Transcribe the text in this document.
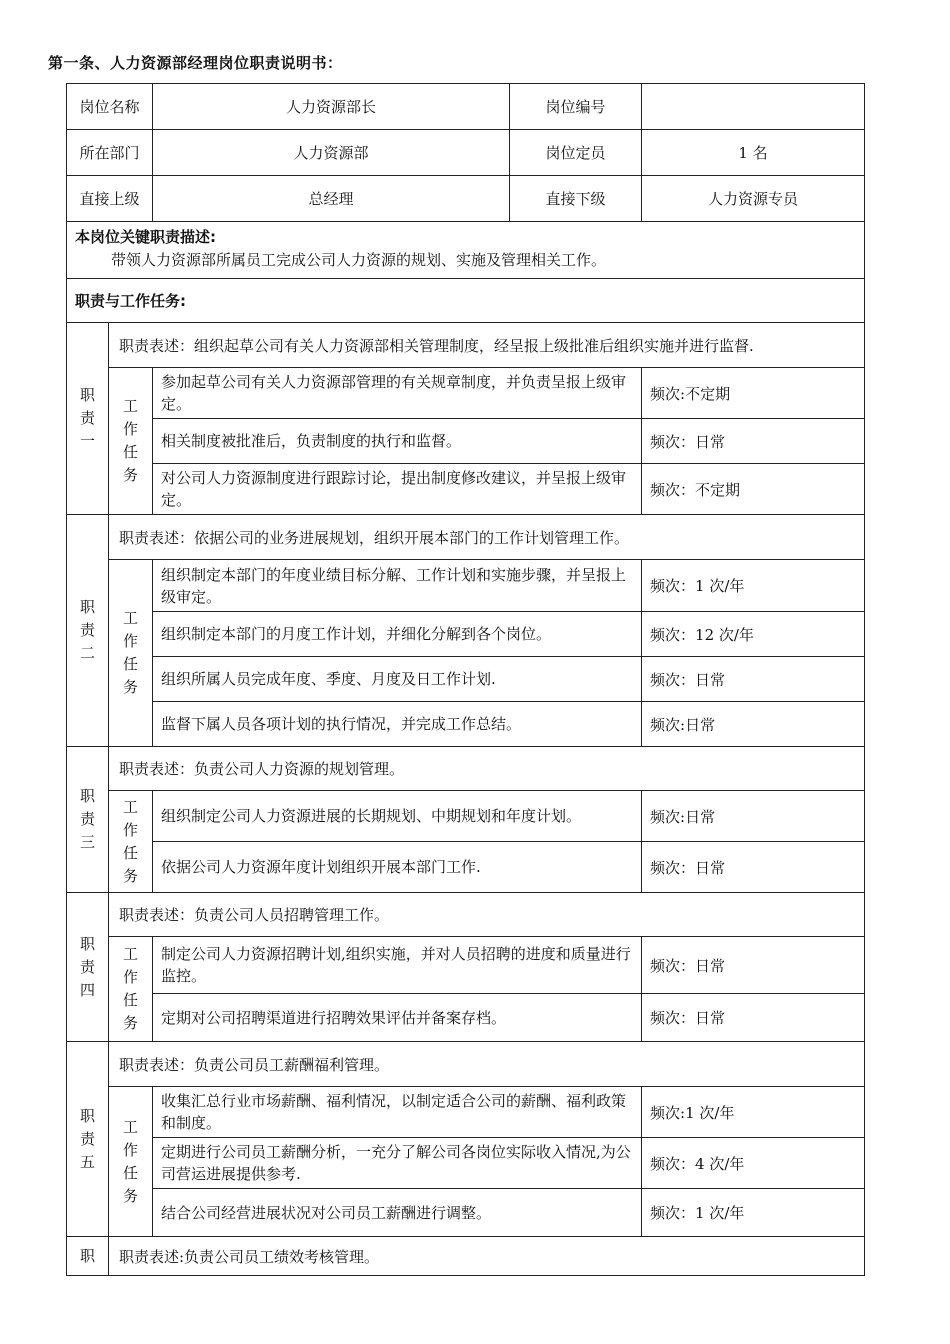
第一条、人力资源部经理岗位职责说明书：
岗位名称		人力资源部长	岗位编号	
所在部门		人力资源部	岗位定员	1 名
直接上级		总经理	直接下级	人力资源专员

本岗位关键职责描述:
带领人力资源部所属员工完成公司人力资源的规划、实施及管理相关工作。				

职责与工作任务:				

职
责
一	职责表述：组织起草公司有关人力资源部相关管理制度，经呈报上级批准后组织实施并进行监督.			

	工
作
任
务	参加起草公司有关人力资源部管理的有关规章制度，并负责呈报上级审定。		频次:不定期
		相关制度被批准后，负责制度的执行和监督。		频次：日常
		对公司人力资源制度进行跟踪讨论，提出制度修改建议，并呈报上级审定。		频次：不定期

职
责
二	职责表述：依据公司的业务进展规划，组织开展本部门的工作计划管理工作。			

	工
作
任
务	组织制定本部门的年度业绩目标分解、工作计划和实施步骤，并呈报上级审定。		频次：1 次/年
		组织制定本部门的月度工作计划，并细化分解到各个岗位。		频次：12 次/年
		组织所属人员完成年度、季度、月度及日工作计划.		频次：日常
		监督下属人员各项计划的执行情况，并完成工作总结。		频次:日常

职
责
三	职责表述：负责公司人力资源的规划管理。			

	工
作
任
务	组织制定公司人力资源进展的长期规划、中期规划和年度计划。		频次:日常
		依据公司人力资源年度计划组织开展本部门工作.		频次：日常

职
责
四	职责表述：负责公司人员招聘管理工作。			

	工
作
任
务	制定公司人力资源招聘计划,组织实施，并对人员招聘的进度和质量进行监控。		频次：日常
		定期对公司招聘渠道进行招聘效果评估并备案存档。		频次：日常

职
责
五	职责表述：负责公司员工薪酬福利管理。			

	工
作
任
务	收集汇总行业市场薪酬、福利情况，以制定适合公司的薪酬、福利政策和制度。		频次:1 次/年
		定期进行公司员工薪酬分析，一充分了解公司各岗位实际收入情况,为公司营运进展提供参考.		频次：4 次/年
		结合公司经营进展状况对公司员工薪酬进行调整。		频次：1 次/年
职	职责表述:负责公司员工绩效考核管理。			
